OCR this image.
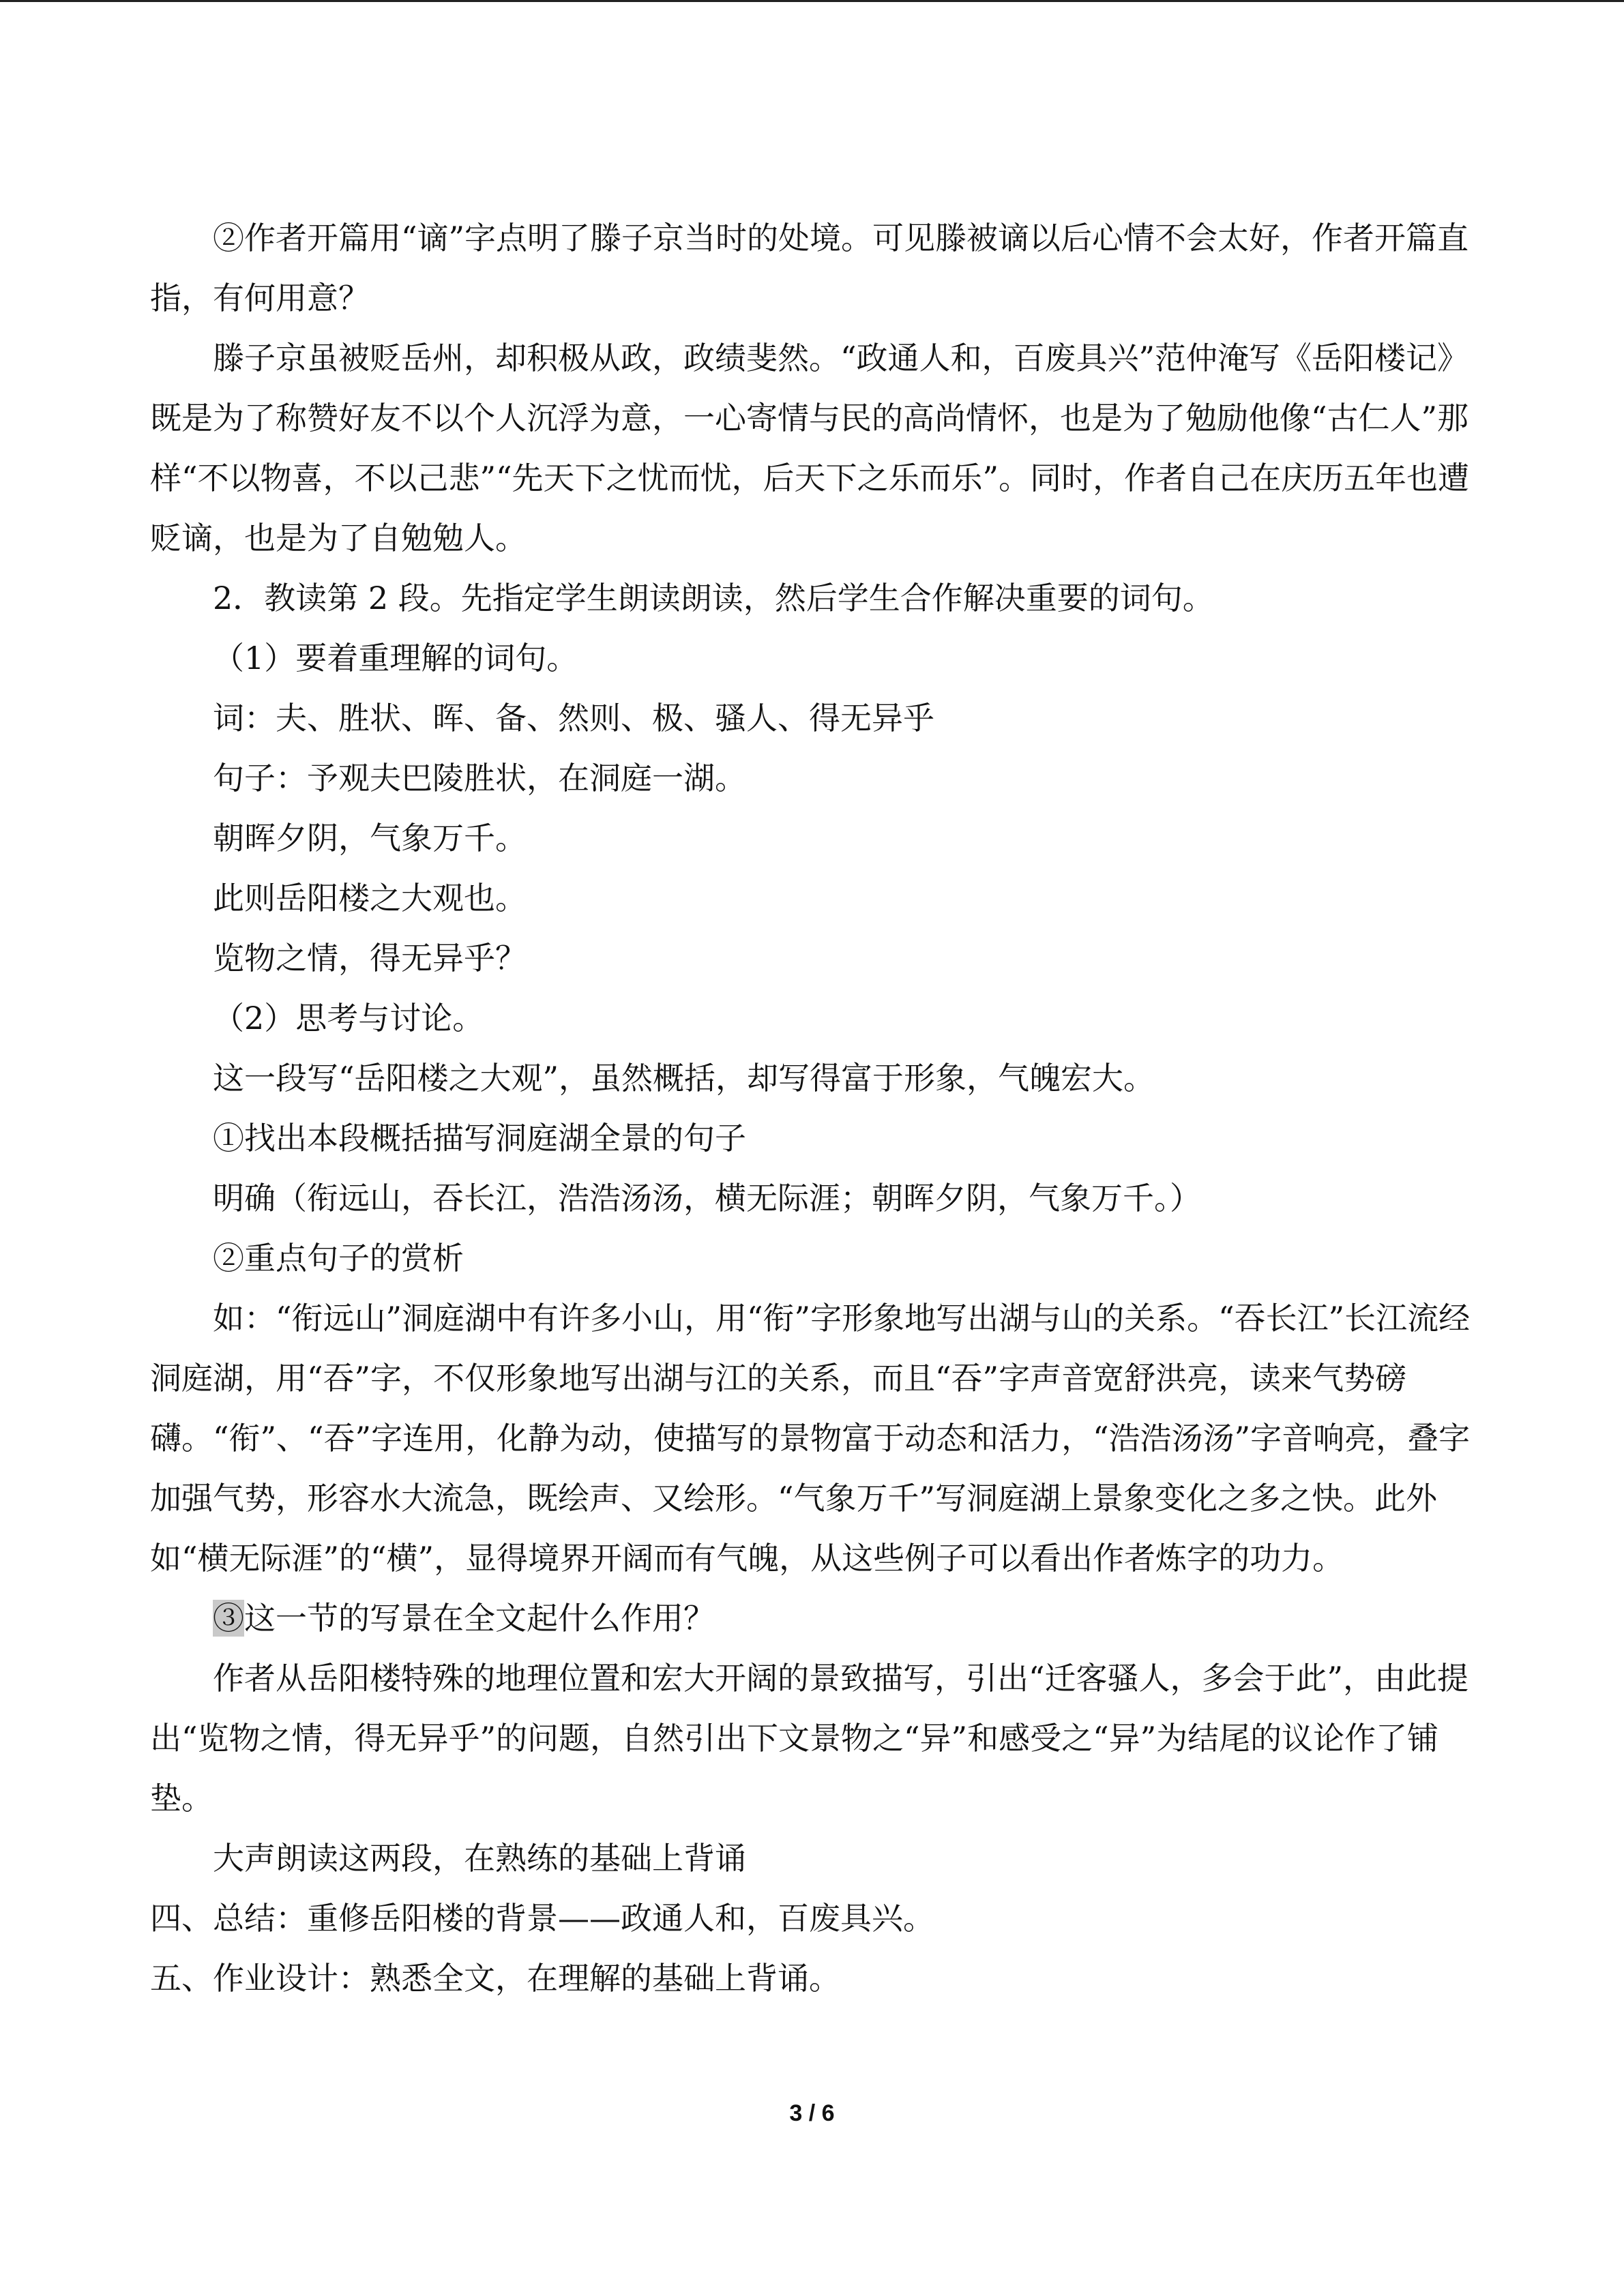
②作者开篇用“谪”字点明了滕子京当时的处境。可见滕被谪以后心情不会太好，作者开篇直指，有何用意？

滕子京虽被贬岳州，却积极从政，政绩斐然。“政通人和，百废具兴”范仲淹写《岳阳楼记》既是为了称赞好友不以个人沉浮为意，一心寄情与民的高尚情怀，也是为了勉励他像“古仁人”那样“不以物喜，不以己悲”“先天下之忧而忧，后天下之乐而乐”。同时，作者自己在庆历五年也遭贬谪，也是为了自勉勉人。

2．教读第 2 段。先指定学生朗读朗读，然后学生合作解决重要的词句。

（1）要着重理解的词句。

词：夫、胜状、晖、备、然则、极、骚人、得无异乎

句子：予观夫巴陵胜状，在洞庭一湖。

朝晖夕阴，气象万千。

此则岳阳楼之大观也。

览物之情，得无异乎？

（2）思考与讨论。

这一段写“岳阳楼之大观”，虽然概括，却写得富于形象，气魄宏大。

①找出本段概括描写洞庭湖全景的句子

明确（衔远山，吞长江，浩浩汤汤，横无际涯；朝晖夕阴，气象万千。）

②重点句子的赏析

如：“衔远山”洞庭湖中有许多小山，用“衔”字形象地写出湖与山的关系。“吞长江”长江流经洞庭湖，用“吞”字，不仅形象地写出湖与江的关系，而且“吞”字声音宽舒洪亮，读来气势磅礴。“衔”、“吞”字连用，化静为动，使描写的景物富于动态和活力，“浩浩汤汤”字音响亮，叠字加强气势，形容水大流急，既绘声、又绘形。“气象万千”写洞庭湖上景象变化之多之快。此外如“横无际涯”的“横”，显得境界开阔而有气魄，从这些例子可以看出作者炼字的功力。

③这一节的写景在全文起什么作用？

作者从岳阳楼特殊的地理位置和宏大开阔的景致描写，引出“迁客骚人，多会于此”，由此提出“览物之情，得无异乎”的问题，自然引出下文景物之“异”和感受之“异”为结尾的议论作了铺垫。

大声朗读这两段，在熟练的基础上背诵

四、总结：重修岳阳楼的背景——政通人和，百废具兴。

五、作业设计：熟悉全文，在理解的基础上背诵。

3 / 6
